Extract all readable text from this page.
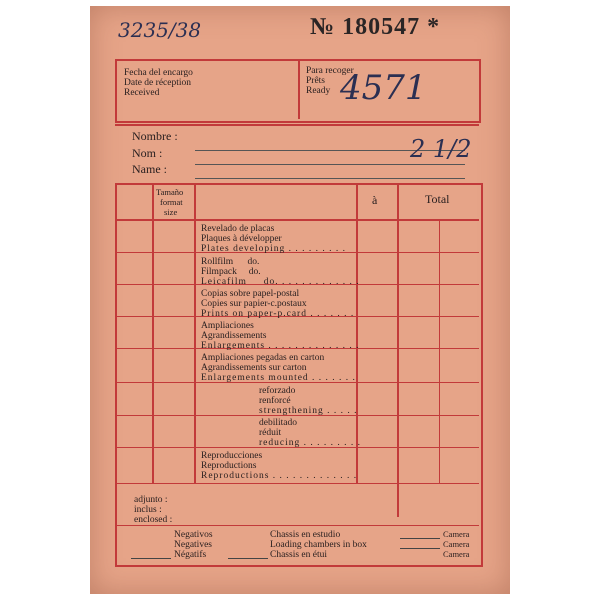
3235/38	№ 180547 *
Fecha del encargo
Date de réception
Received
Para recoger
Prêts
Ready 4571
Nombre :
Nom :
Name :
2 1/2
Tamaño
format
size
à	Total
Revelado de placas
Plaques à développer
Plates developing . . . . . . . . .
Rollfilm      do.
Filmpack     do.
Leicafilm     do. . . . . . . . . . . . .
Copias sobre papel-postal
Copies sur papier-c.postaux
Prints on paper-p.card . . . . . . .
Ampliaciones
Agrandissements
Enlargements . . . . . . . . . . . . . .
Ampliaciones pegadas en carton
Agrandissements sur carton
Enlargements mounted . . . . . . .
reforzado
renforcé
strengthening . . . . .
debilitado
réduit
reducing . . . . . . . . .
Reproducciones
Reproductions
Reproductions . . . . . . . . . . . . .
adjunto :
inclus :
enclosed :
Negativos
Negatives
Négatifs
Chassis en estudio
Loading chambers in box
Chassis en étui
Camera
Camera
Camera
